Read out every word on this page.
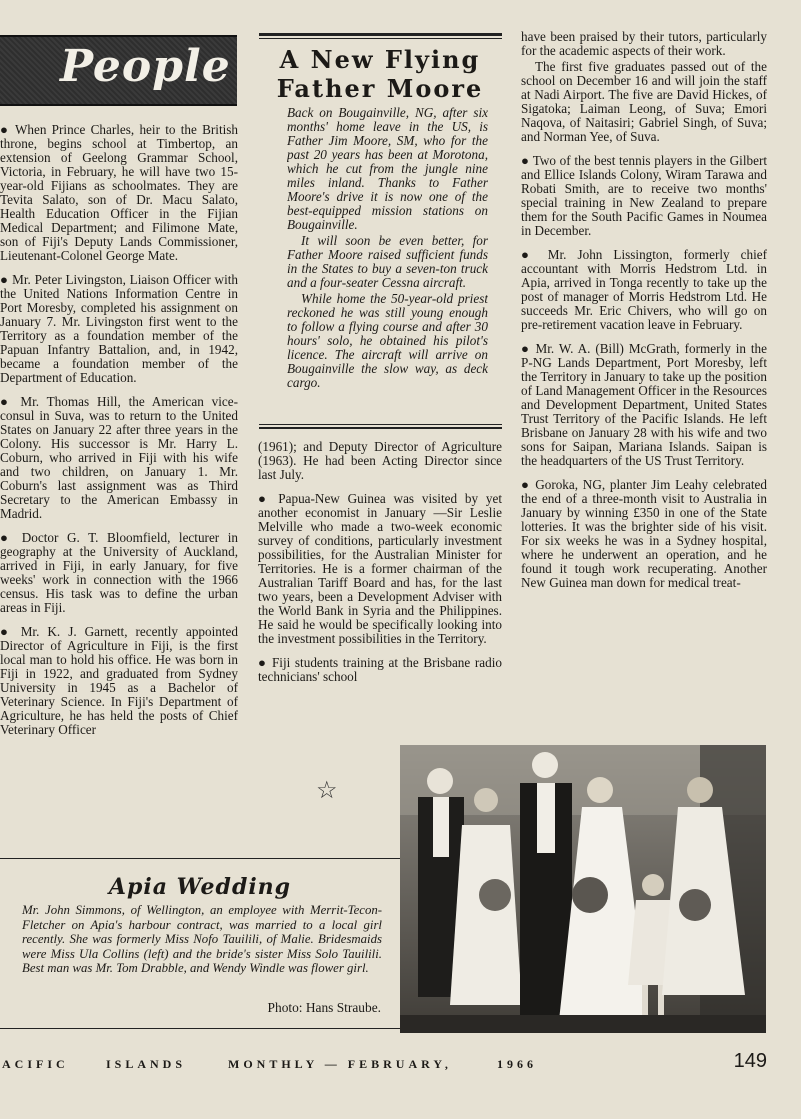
People

● When Prince Charles, heir to the British throne, begins school at Timbertop, an extension of Geelong Grammar School, Victoria, in February, he will have two 15-year-old Fijians as schoolmates. They are Tevita Salato, son of Dr. Macu Salato, Health Education Officer in the Fijian Medical Department; and Filimone Mate, son of Fiji's Deputy Lands Commissioner, Lieutenant-Colonel George Mate.

● Mr. Peter Livingston, Liaison Officer with the United Nations Information Centre in Port Moresby, completed his assignment on January 7. Mr. Livingston first went to the Territory as a foundation member of the Papuan Infantry Battalion, and, in 1942, became a foundation member of the Department of Education.

● Mr. Thomas Hill, the American vice-consul in Suva, was to return to the United States on January 22 after three years in the Colony. His successor is Mr. Harry L. Coburn, who arrived in Fiji with his wife and two children, on January 1. Mr. Coburn's last assignment was as Third Secretary to the American Embassy in Madrid.

● Doctor G. T. Bloomfield, lecturer in geography at the University of Auckland, arrived in Fiji, in early January, for five weeks' work in connection with the 1966 census. His task was to define the urban areas in Fiji.

● Mr. K. J. Garnett, recently appointed Director of Agriculture in Fiji, is the first local man to hold his office. He was born in Fiji in 1922, and graduated from Sydney University in 1945 as a Bachelor of Veterinary Science. In Fiji's Department of Agriculture, he has held the posts of Chief Veterinary Officer

A New Flying Father Moore

Back on Bougainville, NG, after six months' home leave in the US, is Father Jim Moore, SM, who for the past 20 years has been at Morotona, which he cut from the jungle nine miles inland. Thanks to Father Moore's drive it is now one of the best-equipped mission stations on Bougainville.

It will soon be even better, for Father Moore raised sufficient funds in the States to buy a seven-ton truck and a four-seater Cessna aircraft.

While home the 50-year-old priest reckoned he was still young enough to follow a flying course and after 30 hours' solo, he obtained his pilot's licence. The aircraft will arrive on Bougainville the slow way, as deck cargo.

(1961); and Deputy Director of Agriculture (1963). He had been Acting Director since last July.

● Papua-New Guinea was visited by yet another economist in January —Sir Leslie Melville who made a two-week economic survey of conditions, particularly investment possibilities, for the Australian Minister for Territories. He is a former chairman of the Australian Tariff Board and has, for the last two years, been a Development Adviser with the World Bank in Syria and the Philippines. He said he would be specifically looking into the investment possibilities in the Territory.

● Fiji students training at the Brisbane radio technicians' school

have been praised by their tutors, particularly for the academic aspects of their work.

The first five graduates passed out of the school on December 16 and will join the staff at Nadi Airport. The five are David Hickes, of Sigatoka; Laiman Leong, of Suva; Emori Naqova, of Naitasiri; Gabriel Singh, of Suva; and Norman Yee, of Suva.

● Two of the best tennis players in the Gilbert and Ellice Islands Colony, Wiram Tarawa and Robati Smith, are to receive two months' special training in New Zealand to prepare them for the South Pacific Games in Noumea in December.

● Mr. John Lissington, formerly chief accountant with Morris Hedstrom Ltd. in Apia, arrived in Tonga recently to take up the post of manager of Morris Hedstrom Ltd. He succeeds Mr. Eric Chivers, who will go on pre-retirement vacation leave in February.

● Mr. W. A. (Bill) McGrath, formerly in the P-NG Lands Department, Port Moresby, left the Territory in January to take up the position of Land Management Officer in the Resources and Development Department, United States Trust Territory of the Pacific Islands. He left Brisbane on January 28 with his wife and two sons for Saipan, Mariana Islands. Saipan is the headquarters of the US Trust Territory.

● Goroka, NG, planter Jim Leahy celebrated the end of a three-month visit to Australia in January by winning £350 in one of the State lotteries. It was the brighter side of his visit. For six weeks he was in a Sydney hospital, where he underwent an operation, and he found it tough work recuperating. Another New Guinea man down for medical treat-

☆
Apia Wedding
Mr. John Simmons, of Wellington, an employee with Merrit-Tecon-Fletcher on Apia's harbour contract, was married to a local girl recently. She was formerly Miss Nofo Tauilili, of Malie. Bridesmaids were Miss Ula Collins (left) and the bride's sister Miss Solo Tauilili. Best man was Mr. Tom Drabble, and Wendy Windle was flower girl.
Photo: Hans Straube.
ACIFIC	ISLANDS	MONTHLY — FEBRUARY,	1966	149
